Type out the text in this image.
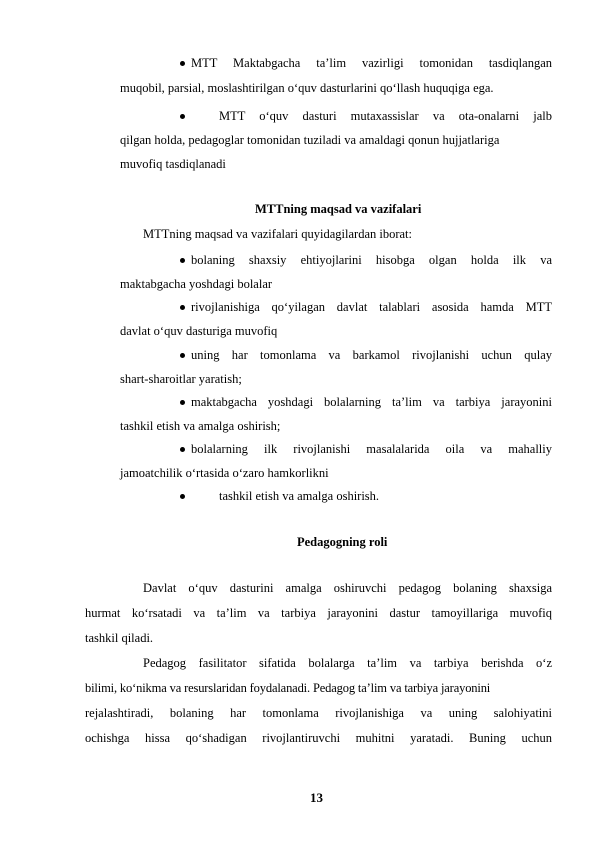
MTT Maktabgacha ta’lim vazirligi tomonidan tasdiqlangan
muqobil, parsial, moslashtirilgan o‘quv dasturlarini qo‘llash huquqiga ega.
MTT o‘quv dasturi mutaxassislar va ota-onalarni jalb
qilgan holda, pedagoglar tomonidan tuziladi va amaldagi qonun hujjatlariga
muvofiq tasdiqlanadi
MTTning maqsad va vazifalari
MTTning maqsad va vazifalari quyidagilardan iborat:
bolaning shaxsiy ehtiyojlarini hisobga olgan holda ilk va
maktabgacha yoshdagi bolalar
rivojlanishiga qo‘yilagan davlat talablari asosida hamda MTT
davlat o‘quv dasturiga muvofiq
uning har tomonlama va barkamol rivojlanishi uchun qulay
shart-sharoitlar yaratish;
maktabgacha yoshdagi bolalarning ta’lim va tarbiya jarayonini
tashkil etish va amalga oshirish;
bolalarning ilk rivojlanishi masalalarida oila va mahalliy
jamoatchilik o‘rtasida o‘zaro hamkorlikni
tashkil etish va amalga oshirish.
Pedagogning roli
Davlat o‘quv dasturini amalga oshiruvchi pedagog bolaning shaxsiga
hurmat ko‘rsatadi va ta’lim va tarbiya jarayonini dastur tamoyillariga muvofiq
tashkil qiladi.
Pedagog fasilitator sifatida bolalarga ta’lim va tarbiya berishda o‘z
bilimi, ko‘nikma va resurslaridan foydalanadi. Pedagog ta’lim va tarbiya jarayonini
rejalashtiradi, bolaning har tomonlama rivojlanishiga va uning salohiyatini
ochishga hissa qo‘shadigan rivojlantiruvchi muhitni yaratadi. Buning uchun
13
